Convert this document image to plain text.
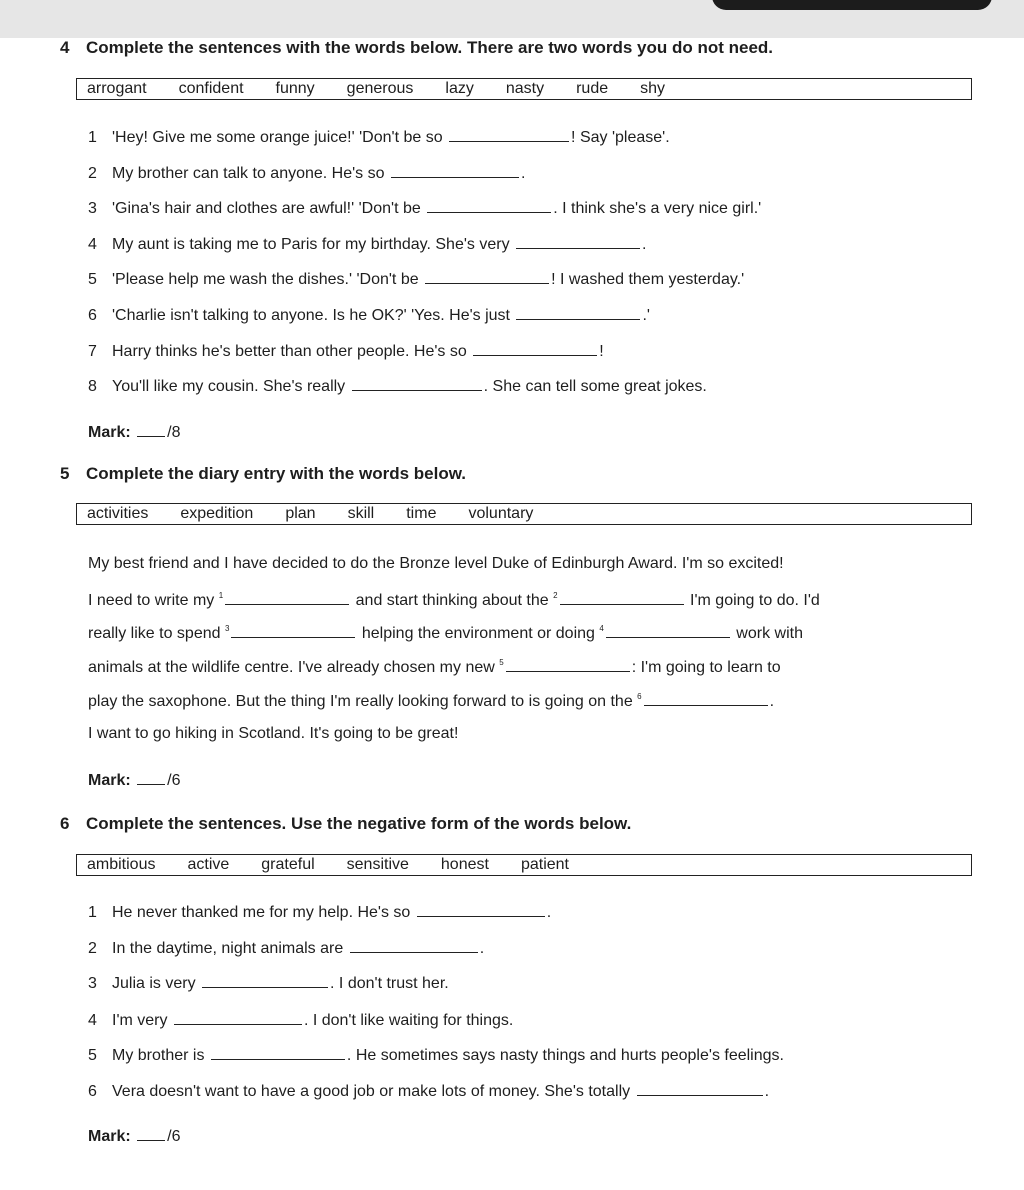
4 Complete the sentences with the words below. There are two words you do not need.
arrogant confident funny generous lazy nasty rude shy
1 'Hey! Give me some orange juice!' 'Don't be so	! Say 'please'.
2 My brother can talk to anyone. He's so	.
3 'Gina's hair and clothes are awful!' 'Don't be	. I think she's a very nice girl.'
4 My aunt is taking me to Paris for my birthday. She's very	.
5 'Please help me wash the dishes.' 'Don't be	! I washed them yesterday.'
6 'Charlie isn't talking to anyone. Is he OK?' 'Yes. He's just	.'
7 Harry thinks he's better than other people. He's so	!
8 You'll like my cousin. She's really	. She can tell some great jokes.
Mark: /8
5 Complete the diary entry with the words below.
activities expedition plan skill time voluntary
My best friend and I have decided to do the Bronze level Duke of Edinburgh Award. I'm so excited!
I need to write my $^1$	and start thinking about the $^2$	I'm going to do. I'd
really like to spend $^3$	helping the environment or doing $^4$	work with
animals at the wildlife centre. I've already chosen my new $^5$	: I'm going to learn to
play the saxophone. But the thing I'm really looking forward to is going on the $^6$	.
I want to go hiking in Scotland. It's going to be great!
Mark: /6
6 Complete the sentences. Use the negative form of the words below.
ambitious active grateful sensitive honest patient
1 He never thanked me for my help. He's so	.
2 In the daytime, night animals are	.
3 Julia is very	. I don't trust her.
4 I'm very	. I don't like waiting for things.
5 My brother is	. He sometimes says nasty things and hurts people's feelings.
6 Vera doesn't want to have a good job or make lots of money. She's totally	.
Mark: /6
